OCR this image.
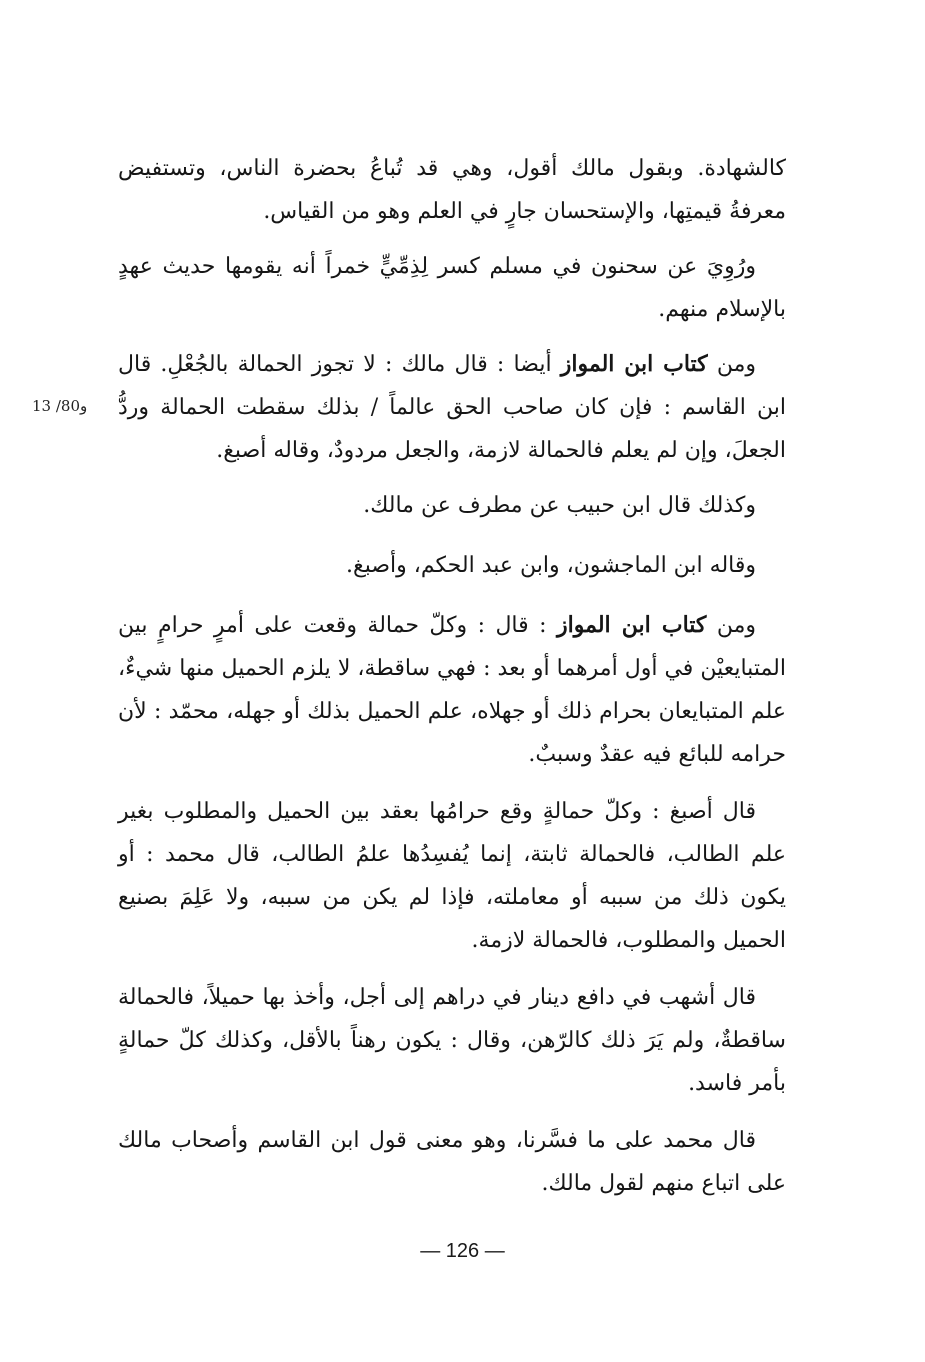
كالشهادة. وبقول مالك أقول، وهي قد تُباعُ بحضرة الناس، وتستفيض معرفةُ قيمتِها، والإستحسان جارٍ في العلم وهو من القياس.

ورُوِيَ عن سحنون في مسلم كسر لِذِمِّيٍّ خمراً أنه يقومها حديث عهدٍ بالإسلام منهم.

ومن كتاب ابن المواز أيضا : قال مالك : لا تجوز الحمالة بالجُعْلِ. قال ابن القاسم : فإن كان صاحب الحق عالماً / بذلك سقطت الحمالة وردُّ الجعلَ، وإن لم يعلم فالحمالة لازمة، والجعل مردودٌ، وقاله أصبغ.

وكذلك قال ابن حبيب عن مطرف عن مالك.

وقاله ابن الماجشون، وابن عبد الحكم، وأصبغ.

ومن كتاب ابن المواز : قال : وكلّ حمالة وقعت على أمرٍ حرامٍ بين المتبايعيْن في أول أمرهما أو بعد : فهي ساقطة، لا يلزم الحميل منها شيءٌ، علم المتبايعان بحرام ذلك أو جهلاه، علم الحميل بذلك أو جهله، محمّد : لأن حرامه للبائع فيه عقدٌ وسببٌ.

قال أصبغ : وكلّ حمالةٍ وقع حرامُها بعقد بين الحميل والمطلوب بغير علم الطالب، فالحمالة ثابتة، إنما يُفسِدُها علمُ الطالب، قال محمد : أو يكون ذلك من سببه أو معاملته، فإذا لم يكن من سببه، ولا عَلِمَ بصنيع الحميل والمطلوب، فالحمالة لازمة.

قال أشهب في دافع دينار في دراهم إلى أجل، وأخذ بها حميلاً، فالحمالة ساقطةٌ، ولم يَرَ ذلك كالرّهن، وقال : يكون رهناً بالأقل، وكذلك كلّ حمالةٍ بأمر فاسد.

قال محمد على ما فسَّرنا، وهو معنى قول ابن القاسم وأصحاب مالك على اتباع منهم لقول مالك.

13 /80و
— 126 —
